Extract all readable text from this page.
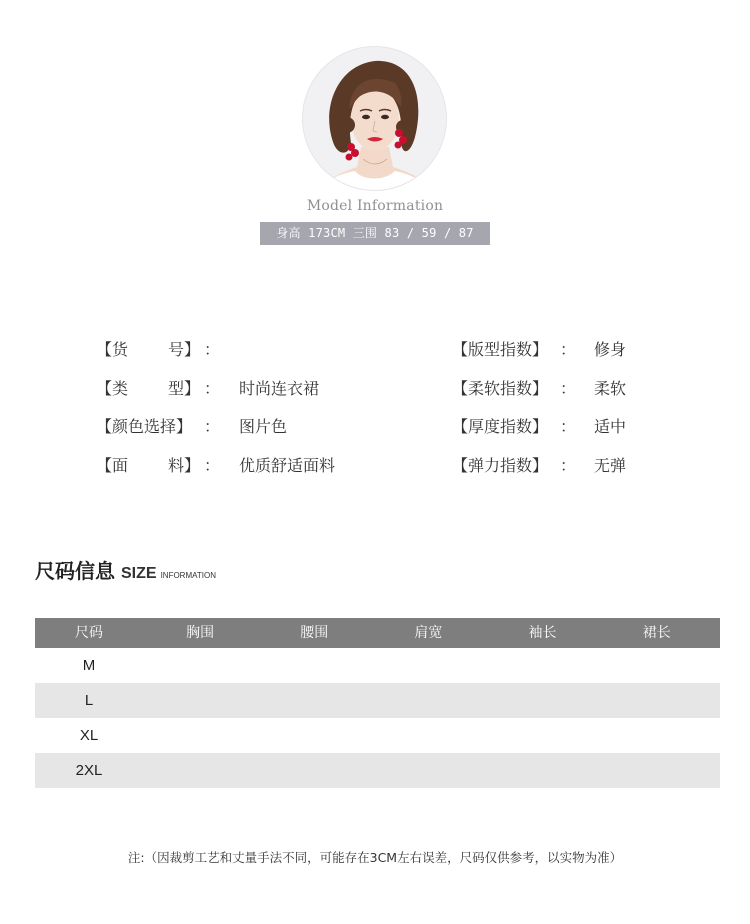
Model Information
身高 173CM 三围 83 / 59 / 87
【货 号】 ：
【类 型】 ： 时尚连衣裙
【颜色选择】 ： 图片色
【面 料】 ： 优质舒适面料
【版型指数】 ： 修身
【柔软指数】 ： 柔软
【厚度指数】 ： 适中
【弹力指数】 ： 无弹
尺码信息 SIZE INFORMATION
尺码	胸围	腰围	肩宽	袖长	裙长
M
L
XL
2XL
注:（因裁剪工艺和丈量手法不同，可能存在3CM左右误差，尺码仅供参考，以实物为准）
